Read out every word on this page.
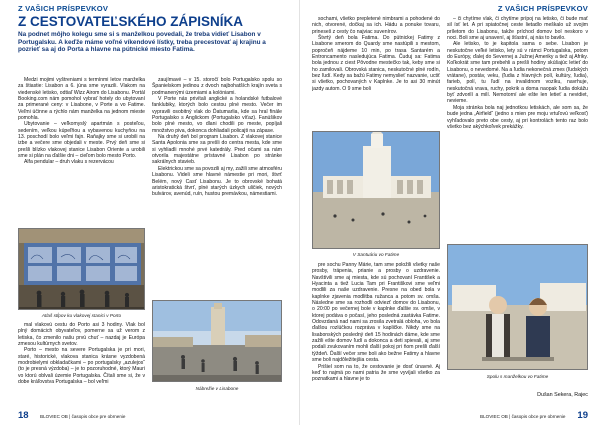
Z VAŠICH PRÍSPEVKOV
Z CESTOVATEĽSKÉHO ZÁPISNÍKA
Na podnet môjho kolegu sme si s manželkou povedali, že treba vidieť Lisabon v Portugalsku. A keďže máme voľné víkendové lístky, treba precestovať aj krajinu a pozrieť sa aj do Porta a hlavne na pútnické miesto Fatima.

Medzi mojimi vyštreniami s termínmi letov manželka za štiastie: Lisabon a 6. júna sme vyrazili. Vlakom na viedenské letisko, odtiaľ Wizz Airom do Lisabonu. Portál Booking.com nám pomohol vybrať hotely do ubytovaní za primerané ceny: v Lisabone, v Porte a vo Fatime. Veľmi účinne a rýchlo nám manželka na jednom mieste pomohla.

Ubytovanie – veľkomyslý apartmán s posteľou, sedením, veľkou kúpeľňou a vybavenou kuchyňou na 13. poschodí bolo veľmi fajn. Raňajky sme si urobili na izbe a večere sme objedali v meste. Prvý deň sme si prešli blízko vlakovej stanice Lisabon Oriente a urobili sme si plán na ďalšie dni – cieľom bolo mesto Porto.

Alfa pendular – druh vlaku s rezervácou

Atlaš stĺpov ku vlakovej stanici v Porto

mal vlakovú cestu do Porto asi 3 hodiny. Vlak bol plný domácich obyvateľov, pomerne sa už verom z letiska, čo zmenilo našu prvú chuť – nazdaj je Európa zmesou kultúrnych svetov.

Porto – mesto na severe Portugalska je pri mori, staré, historické, vlakova stanica krásne vyzdobená modrobielymi obkladačkami – po portugalsky „azulejos“ (to je presná výzdoba) – je to pozoruhodné, ktorý Mauri vo ktorú oblvali územie Portugalska. Čítali sme si, že v dobe kráľovstva Portugalska – bol veľmi

zaujímavé – v 15. storočí bolo Portugalsko spolu so Španielskom jedinou z dvoch najbohatších krajín sveta s podmanenými územiami a kolóniami.

V Porte nás privítali anglické a holandské futbalové fanklubiky, ktorých bolo cestou plné mesto. Večer im vypravili osobitný vlak do Ďatumarlia, kde sa hral finále Portugalsko s Anglickom (Portugalsko víťaz). Fanúšikov bolo plné mesto, vo dlani chodili po meste, popíjali množstvo piva, dokonca dohliadali policajti na zápase.

Na druhý deň bol program Lisabon. Z vlakovej stanice Santa Apolonia sme sa prešli do centra mesta, kde sme si vyhliadli mnohé prvé katedrály. Pred očami sa nám otvorila majestátne prístavné Lisabon po stránke sakrálnych stavieb.

Elektrickou sme sa povozili aj my, zažili sme atmosféru Lisabonu. Videli sme hlavné námestie pri mori, štvrť Belém, nový Casť Lisabonu. Je to obrovské bohatá aristokratická štvrť, plné starých úzkych uličiek, nových bulvárov, avenúd, ruín, hustou premávkou, námestiami.

Nábrežie v Lisabone
18 BLOVIEC OB | časopis obce pre obrnenie
Z VAŠICH PRÍSPEVKOV

sochami, všetko prepletené nimbrami a pohodené do nich, otvorené, dočkaj sa ich. Hádu a ponuke tovaru, prineseš z cesty čo najviac suvenírov.

Štvrtý deň bola Fatima. Do pútnickej Fatimy z Lisabone smerom do Quardy sme nastúpili s mestom, popročeň nájdeme 10 min, po trasa Santarém a Entroncamento nasledujúca Fatima. Čuduj sa: Fatima bola jednou z ciest Pôvodne mestečko tak, keby sme si ho zamilovali. Obrovská stanica, neskutočné plné rodín, bez ľudí. Kedy sa bažú Fatimy nemyslieť nazvanie, uctiť si všetko, pochovaných v Kaplnke. Je to asi 30 minút jazdy autom. O 9 sme boli

V Santuáriu vo Fatime

pre sochu Panny Márie, tam sme položili všetky naše prosby, trápenia, prianie a prosby o uzdravenie. Navštívili sme aj miesta, kde sú pochovaní František a Hyacinta a tiež Lucia Tam pri Františkovi sme veľmi modlili za naše uzdravenie. Presne na obed bola v kaplnke zjavenia modlitba ružanca a potom sv. omša. Následne sme sa rozhodli odviezť domov do Lisabonu, o 20:00 po večernej bole v kaplnke ďalšie sv. omše, v ktorej podáva o počasí, jeho posledná zastávka Fatime. Odovzdaná nad nami sa zrosila zvetralá obloha, vo bola ďalšou rozlúčkou rozpráva v kapličke. Nikdy sme na lisabonských posledný deň 15 hodinách dáme, kde sme zažili ešte domov ľudí a dokonca a deti spievali, aj sme podali zvukovaním mohli ďalší pokoj pri ňom prešli ďalší týždeň. Ďalší večer sme boli ako bežne Fatimy a hlavne sme boli najdôležitejšia cesta.

Prišiel som na to, že cestovanie je dosť únavné. Aj keď to najmä po nami patria že sme vyvíjali všetko za poznatkami a hlavne je to

– či chytíme vlak, či chytíme prípoj na letisko, či bude mať sil ísť let. A pri spiatočnej ceste lietadlo meškalo už svojim príletom do Lisabonu, takže príchod domov bol neskoro v noci. Boli sme aj unavení, aj šťastní, aj nás to bavilo.

Ale letisko, to je kapitola sama o sebe. Lisabon je neskutočne veľké letisko, lety sú v rámci Portugalska, potom do Európy, ďalej do Severnej a Južnej Ameriky a tiež aj Afriky. Koľkokrát sme tam prebehli a prešli hodiny skúšajúc letieť do Lisabonu, o nevedomé. Na a ľudia nekonečná zmes (ľudských vrátane), postáv, veku, (ľudia z hlavných polí, kultúry, ľudia), farieb, polí, tu ľudí na invalidnom vozíku, navrhuje, neskutočná vrava, ruchy, pokrik a doma naopak ľudia dokážu byť zdvorilí a milí. Nemotorní ale ešte len letieť a nevidiet, nevieme.

Moja stránka bola naj jednotkou letiskách, ale som sa, že bude jedna „Airfield“ (jedno s mien pre moju vrtuľovú veľkosť) vyhľadovalo preto obe cesty, aj pri kontrolách tento raz bolo všetko bez akýchkoľvek prekážky.

Spolu s manželkou vo Fatime
Dušan Sekera, Rajec
BLOVIEC OB | časopis obce pre obrnenie 19
